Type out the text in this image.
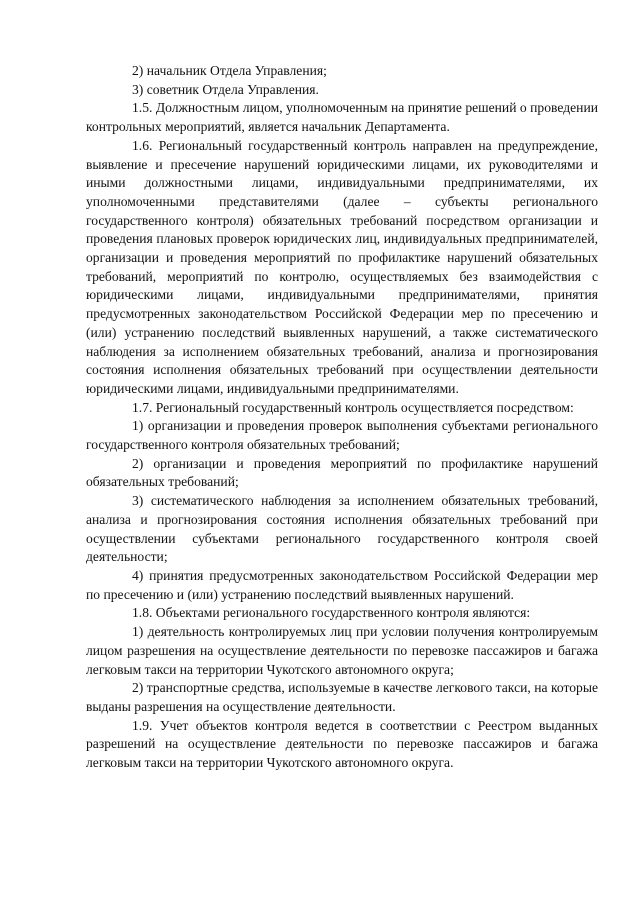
2) начальник Отдела Управления;

3) советник Отдела Управления.

1.5. Должностным лицом, уполномоченным на принятие решений о проведении контрольных мероприятий, является начальник Департамента.

1.6. Региональный государственный контроль направлен на предупреждение, выявление и пресечение нарушений юридическими лицами, их руководителями и иными должностными лицами, индивидуальными предпринимателями, их уполномоченными представителями (далее – субъекты регионального государственного контроля) обязательных требований посредством организации и проведения плановых проверок юридических лиц, индивидуальных предпринимателей, организации и проведения мероприятий по профилактике нарушений обязательных требований, мероприятий по контролю, осуществляемых без взаимодействия с юридическими лицами, индивидуальными предпринимателями, принятия предусмотренных законодательством Российской Федерации мер по пресечению и (или) устранению последствий выявленных нарушений, а также систематического наблюдения за исполнением обязательных требований, анализа и прогнозирования состояния исполнения обязательных требований при осуществлении деятельности юридическими лицами, индивидуальными предпринимателями.

1.7. Региональный государственный контроль осуществляется посредством:

1) организации и проведения проверок выполнения субъектами регионального государственного контроля обязательных требований;

2) организации и проведения мероприятий по профилактике нарушений обязательных требований;

3) систематического наблюдения за исполнением обязательных требований, анализа и прогнозирования состояния исполнения обязательных требований при осуществлении субъектами регионального государственного контроля своей деятельности;

4) принятия предусмотренных законодательством Российской Федерации мер по пресечению и (или) устранению последствий выявленных нарушений.

1.8. Объектами регионального государственного контроля являются:

1) деятельность контролируемых лиц при условии получения контролируемым лицом разрешения на осуществление деятельности по перевозке пассажиров и багажа легковым такси на территории Чукотского автономного округа;

2) транспортные средства, используемые в качестве легкового такси, на которые выданы разрешения на осуществление деятельности.

1.9. Учет объектов контроля ведется в соответствии с Реестром выданных разрешений на осуществление деятельности по перевозке пассажиров и багажа легковым такси на территории Чукотского автономного округа.
